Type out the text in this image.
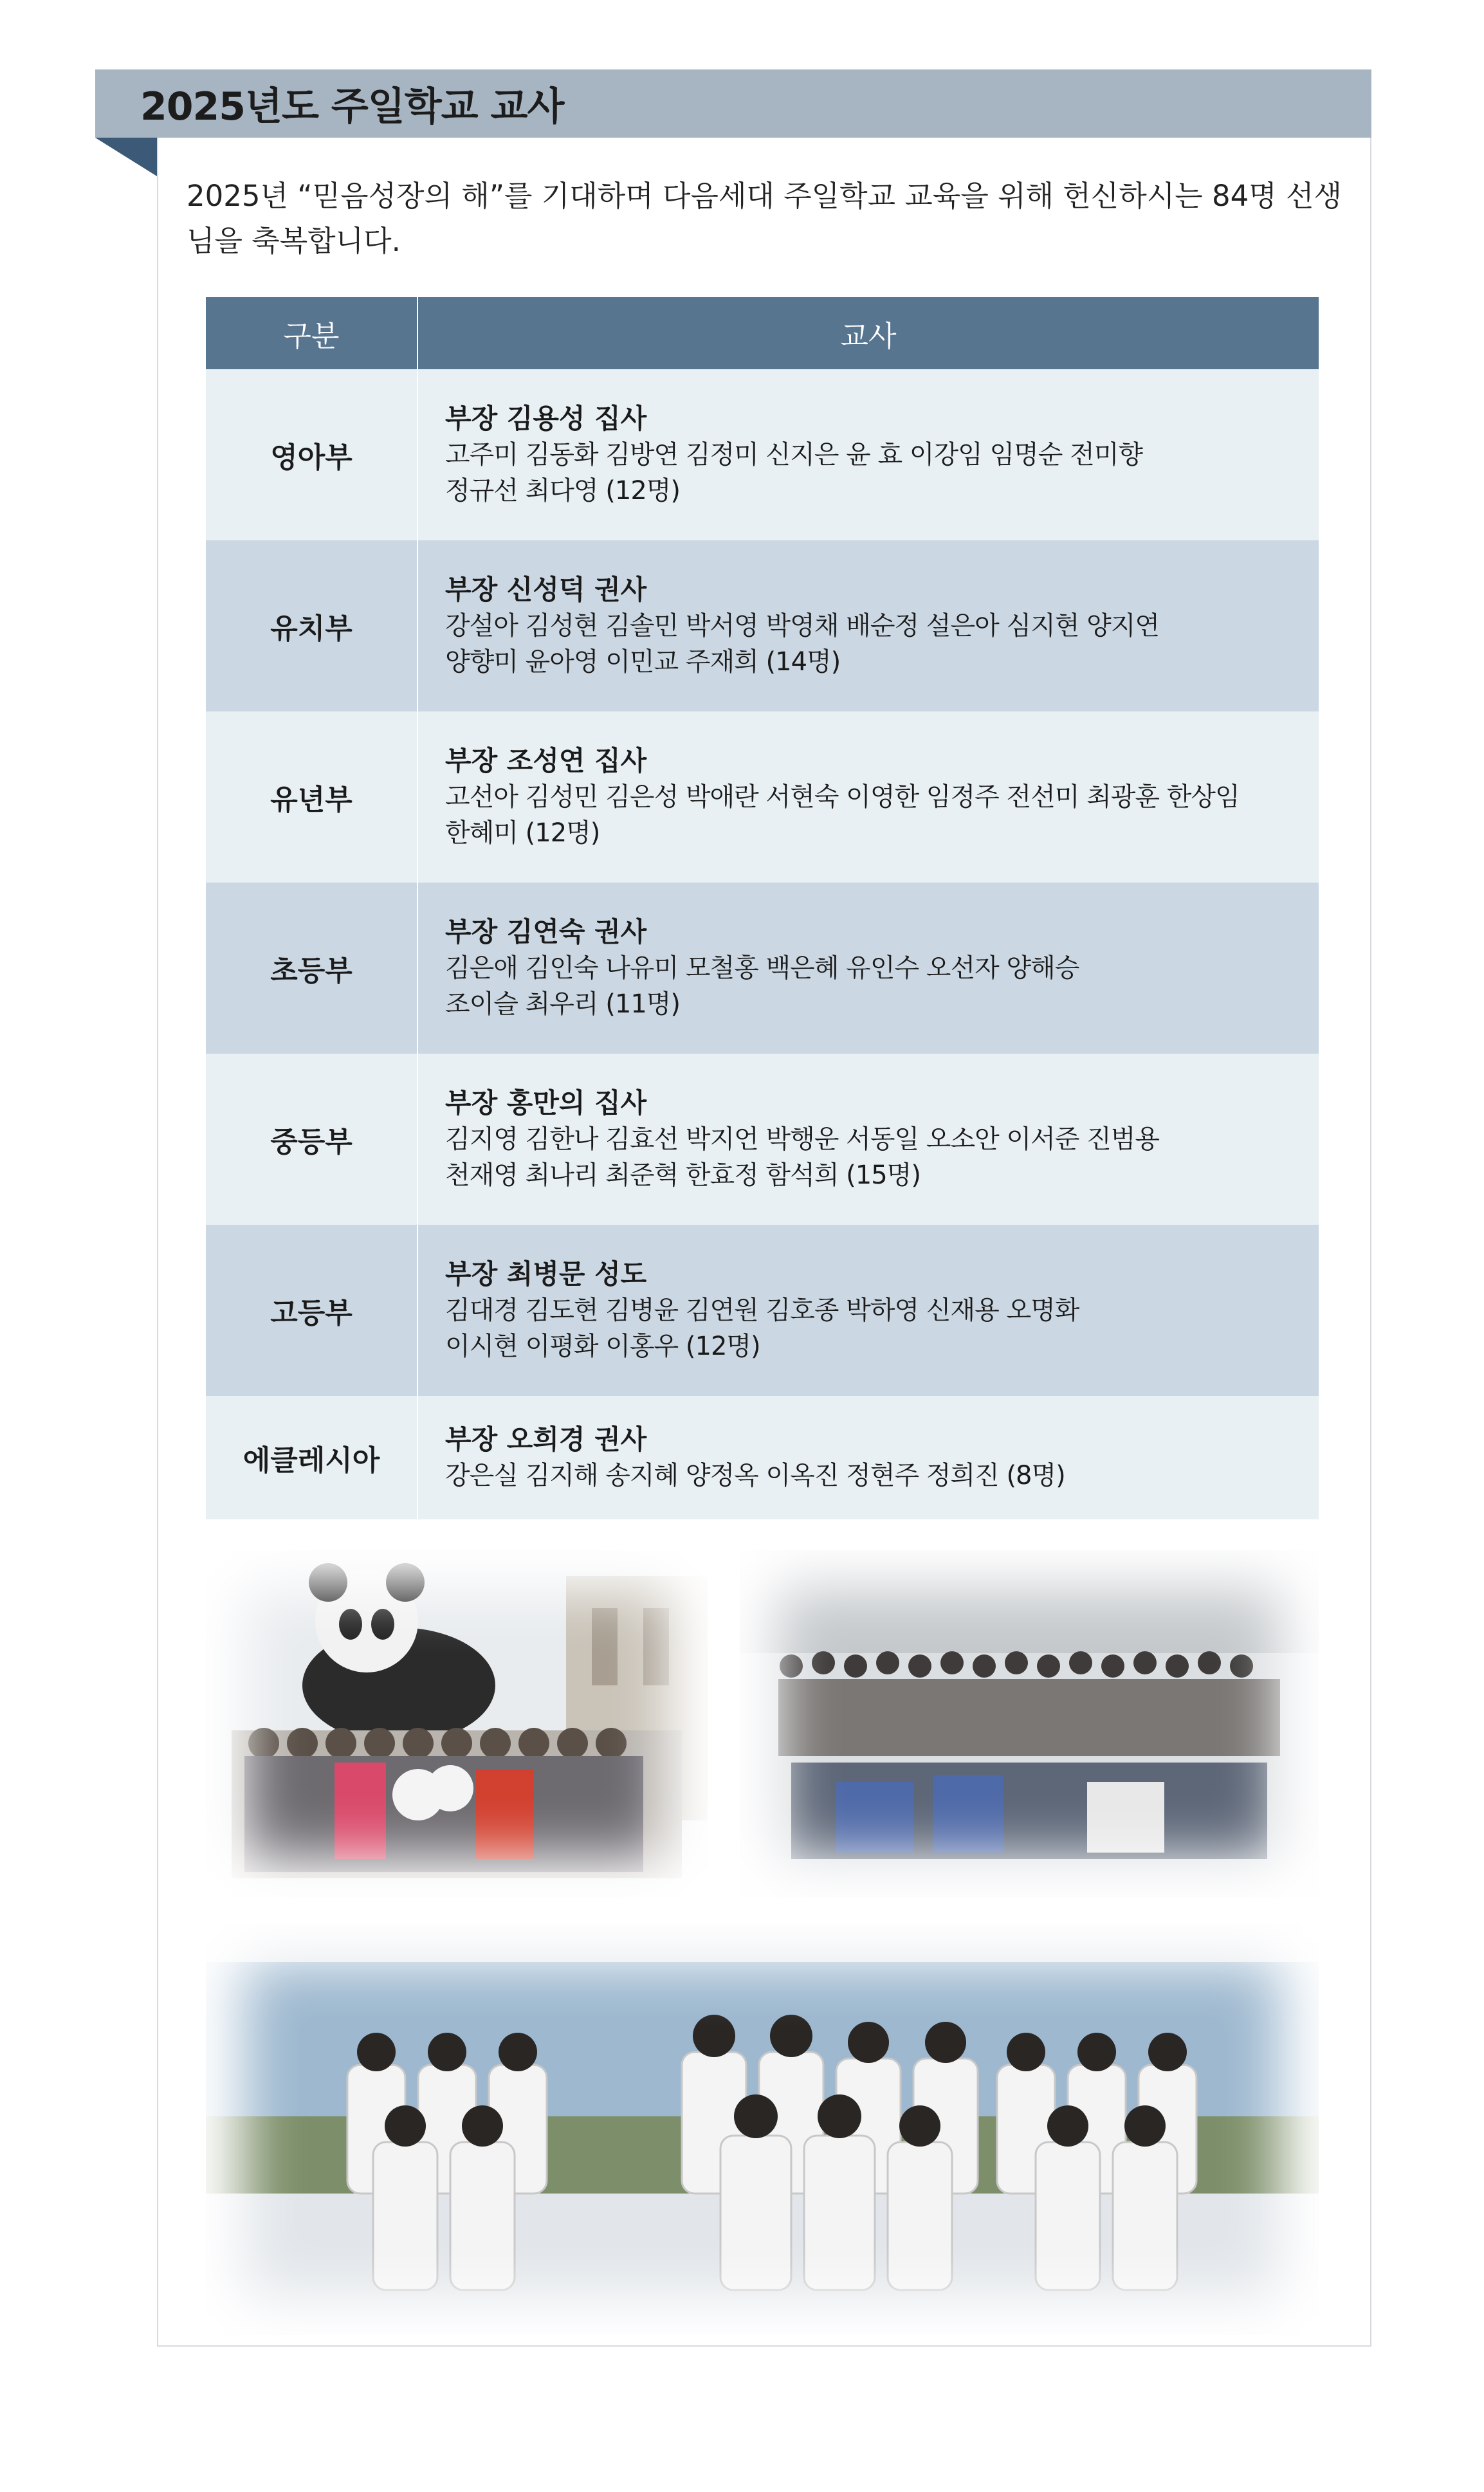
2025년도 주일학교 교사
2025년 “믿음성장의 해”를 기대하며 다음세대 주일학교 교육을 위해 헌신하시는 84명 선생님을 축복합니다.
구분	교사
영아부	부장 김용성 집사
고주미 김동화 김방연 김정미 신지은 윤 효 이강임 임명순 전미향
정규선 최다영 (12명)

유치부	부장 신성덕 권사
강설아 김성현 김솔민 박서영 박영채 배순정 설은아 심지현 양지연
양향미 윤아영 이민교 주재희 (14명)

유년부	부장 조성연 집사
고선아 김성민 김은성 박애란 서현숙 이영한 임정주 전선미 최광훈 한상임
한혜미 (12명)

초등부	부장 김연숙 권사
김은애 김인숙 나유미 모철홍 백은혜 유인수 오선자 양해승
조이슬 최우리 (11명)

중등부	부장 홍만의 집사
김지영 김한나 김효선 박지언 박행운 서동일 오소안 이서준 진범용
천재영 최나리 최준혁 한효정 함석희 (15명)

고등부	부장 최병문 성도
김대경 김도현 김병윤 김연원 김호종 박하영 신재용 오명화
이시현 이평화 이홍우 (12명)

에클레시아	부장 오희경 권사
강은실 김지해 송지혜 양정옥 이옥진 정현주 정희진 (8명)
